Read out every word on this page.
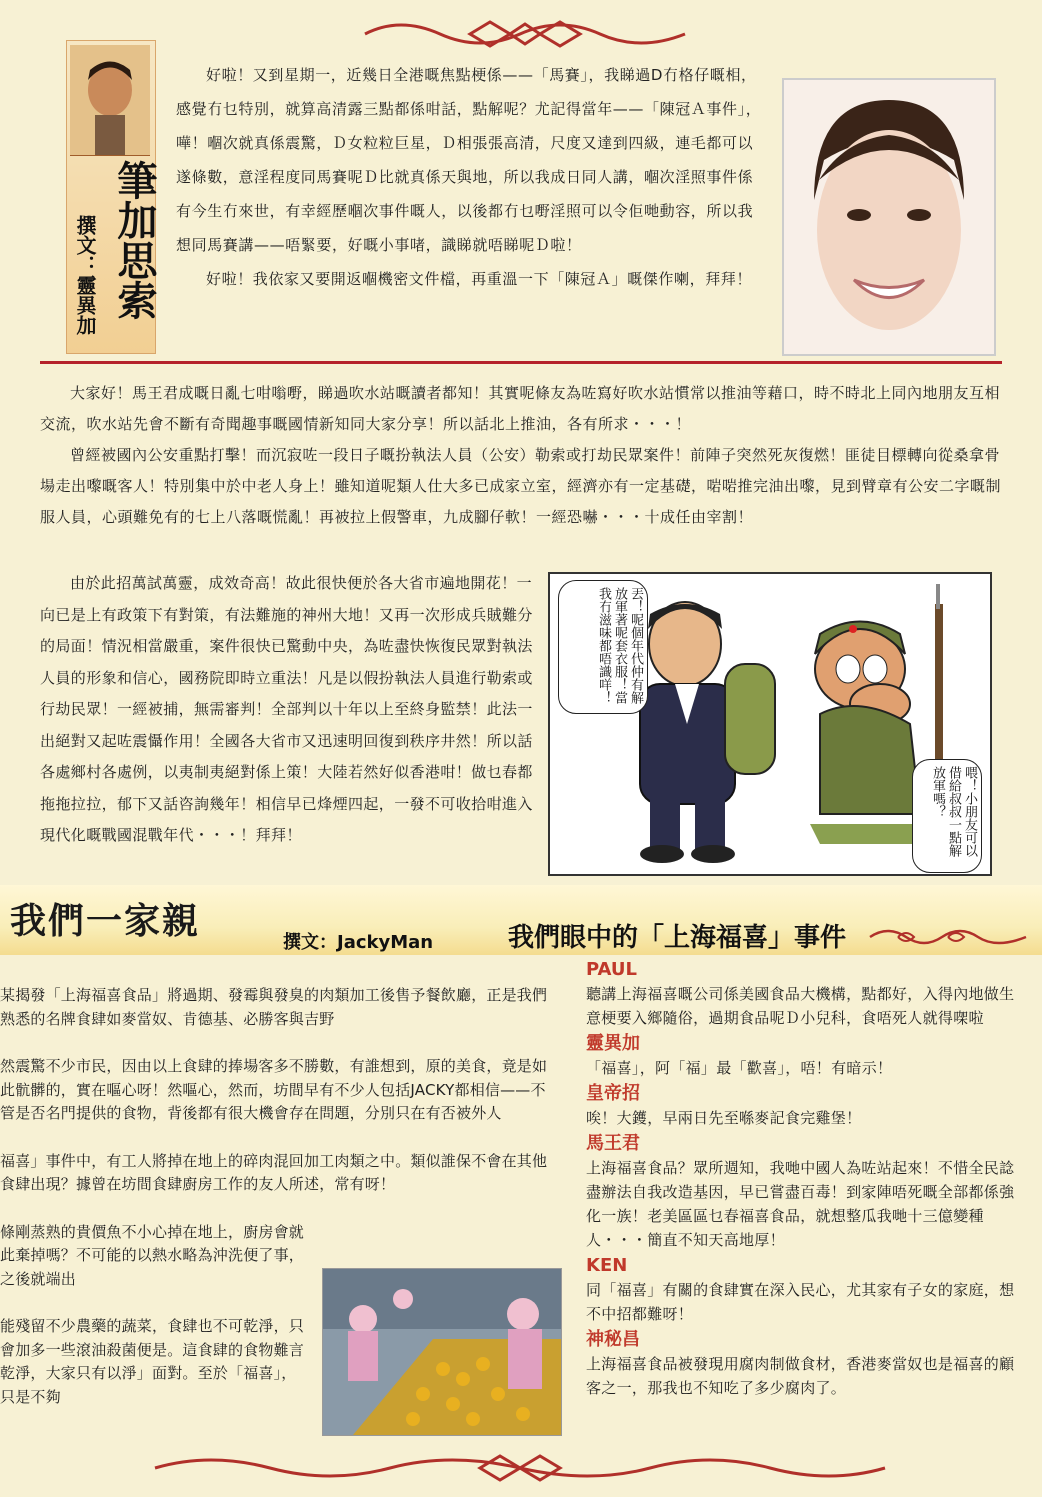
筆加思索
撰文：靈異加

好啦！又到星期一，近幾日全港嘅焦點梗係——「馬賽」，我睇過D冇格仔嘅相，感覺冇乜特別，就算高清露三點都係咁話，點解呢？尤記得當年——「陳冠Ａ事件」，嘩！嗰次就真係震驚，Ｄ女粒粒巨星，Ｄ相張張高清，尺度又達到四級，連毛都可以遂條數，意淫程度同馬賽呢Ｄ比就真係天與地，所以我成日同人講，嗰次淫照事件係有今生冇來世，有幸經歷嗰次事件嘅人，以後都冇乜嘢淫照可以令佢哋動容，所以我想同馬賽講——唔緊要，好嘅小事啫，識睇就唔睇呢Ｄ啦！

好啦！我依家又要開返嗰機密文件檔，再重溫一下「陳冠Ａ」嘅傑作喇，拜拜！

大家好！馬王君成嘅日亂七咁嗡嘢，睇過吹水站嘅讀者都知！其實呢條友為咗寫好吹水站慣常以推油等藉口，時不時北上同內地朋友互相交流，吹水站先會不斷有奇聞趣事嘅國情新知同大家分享！所以話北上推油，各有所求・・・！

曾經被國內公安重點打擊！而沉寂咗一段日子嘅扮執法人員（公安）勒索或打劫民眾案件！前陣子突然死灰復燃！匪徒目標轉向從桑拿骨場走出嚟嘅客人！特別集中於中老人身上！雖知道呢類人仕大多已成家立室，經濟亦有一定基礎，啱啱推完油出嚟，見到臂章有公安二字嘅制服人員，心頭難免有的七上八落嘅慌亂！再被拉上假警車，九成腳仔軟！一經恐嚇・・・十成任由宰割！

由於此招萬試萬靈，成效奇高！故此很快便於各大省市遍地開花！一向已是上有政策下有對策，有法難施的神州大地！又再一次形成兵賊難分的局面！情況相當嚴重，案件很快已驚動中央，為咗盡快恢復民眾對執法人員的形象和信心，國務院即時立重法！凡是以假扮執法人員進行勒索或行劫民眾！一經被捕，無需審判！全部判以十年以上至終身監禁！此法一出絕對又起咗震懾作用！全國各大省市又迅速明回復到秩序井然！所以話各處鄉村各處例，以夷制夷絕對係上策！大陸若然好似香港咁！做乜春都拖拖拉拉，郁下又話咨詢幾年！相信早已烽煙四起，一發不可收拾咁進入現代化嘅戰國混戰年代・・・！拜拜！

丟！呢個年代仲有解放軍著呢套衣服！當我冇滋味都唔識咩！
喂！小朋友可以借給叔叔一點解放軍嗎？
我們一家親
撰文：JackyMan	我們眼中的「上海福喜」事件

某揭發「上海福喜食品」將過期、發霉與發臭的肉類加工後售予餐飲廳，正是我們熟悉的名牌食肆如麥當奴、肯德基、必勝客與吉野

然震驚不少市民，因由以上食肆的捧場客多不勝數，有誰想到，原的美食，竟是如此骯髒的，實在嘔心呀！然嘔心，然而，坊間早有不少人包括JACKY都相信——不管是否名門提供的食物，背後都有很大機會存在問題，分別只在有否被外人

福喜」事件中，有工人將掉在地上的碎肉混回加工肉類之中。類似誰保不會在其他食肆出現？據曾在坊間食肆廚房工作的友人所述，常有呀！

條剛蒸熟的貴價魚不小心掉在地上，廚房會就此棄掉嗎？不可能的以熱水略為沖洗便了事，之後就端出

能殘留不少農藥的蔬菜，食肆也不可乾淨，只會加多一些滾油殺菌便是。這食肆的食物難言乾淨，大家只有以淨」面對。至於「福喜」，只是不夠

PAUL

聽講上海福喜嘅公司係美國食品大機構，點都好，入得內地做生意梗要入鄉隨俗，過期食品呢Ｄ小兒科，食唔死人就得㗎啦

靈異加

「福喜」，阿「福」最「歡喜」，唔！有暗示！

皇帝招

唉！大鑊，早兩日先至喺麥記食完雞堡！

馬王君

上海福喜食品？眾所週知，我哋中國人為咗站起來！不惜全民諗盡辦法自我改造基因，早已嘗盡百毒！到家陣唔死嘅全部都係強化一族！老美區區乜春福喜食品，就想整瓜我哋十三億變種人・・・簡直不知天高地厚！

KEN

同「福喜」有關的食肆實在深入民心，尤其家有子女的家庭，想不中招都難呀！

神秘昌

上海福喜食品被發現用腐肉制做食材，香港麥當奴也是福喜的顧客之一，那我也不知吃了多少腐肉了。
